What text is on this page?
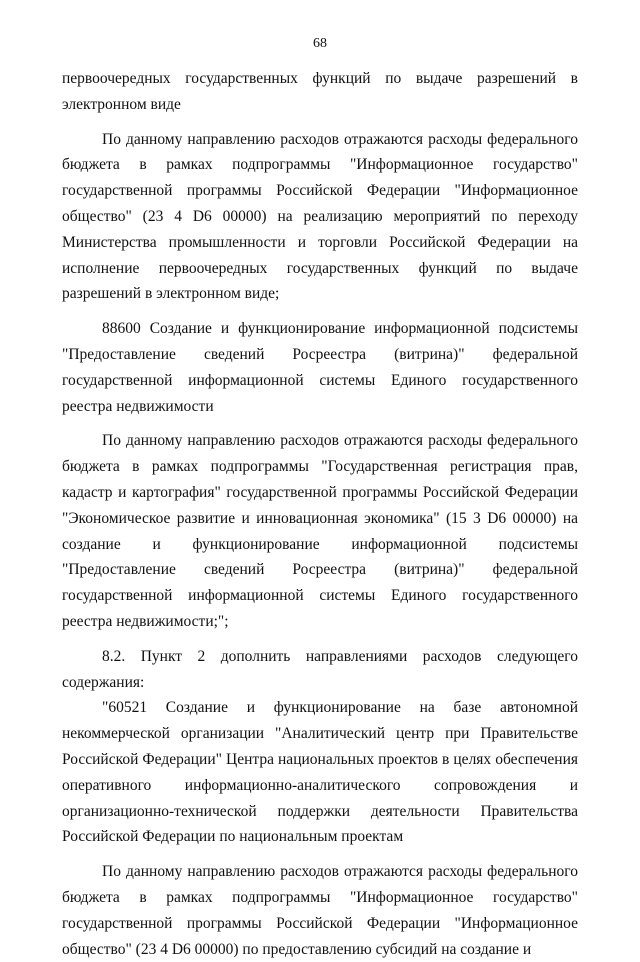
68

первоочередных государственных функций по выдаче разрешений в электронном виде

По данному направлению расходов отражаются расходы федерального бюджета в рамках подпрограммы "Информационное государство" государственной программы Российской Федерации "Информационное общество" (23 4 D6 00000) на реализацию мероприятий по переходу Министерства промышленности и торговли Российской Федерации на исполнение первоочередных государственных функций по выдаче разрешений в электронном виде;

88600 Создание и функционирование информационной подсистемы "Предоставление сведений Росреестра (витрина)" федеральной государственной информационной системы Единого государственного реестра недвижимости

По данному направлению расходов отражаются расходы федерального бюджета в рамках подпрограммы "Государственная регистрация прав, кадастр и картография" государственной программы Российской Федерации "Экономическое развитие и инновационная экономика" (15 3 D6 00000) на создание и функционирование информационной подсистемы "Предоставление сведений Росреестра (витрина)" федеральной государственной информационной системы Единого государственного реестра недвижимости;";

8.2. Пункт 2 дополнить направлениями расходов следующего содержания:

"60521 Создание и функционирование на базе автономной некоммерческой организации "Аналитический центр при Правительстве Российской Федерации" Центра национальных проектов в целях обеспечения оперативного информационно-аналитического сопровождения и организационно-технической поддержки деятельности Правительства Российской Федерации по национальным проектам

По данному направлению расходов отражаются расходы федерального бюджета в рамках подпрограммы "Информационное государство" государственной программы Российской Федерации "Информационное общество" (23 4 D6 00000) по предоставлению субсидий на создание и
